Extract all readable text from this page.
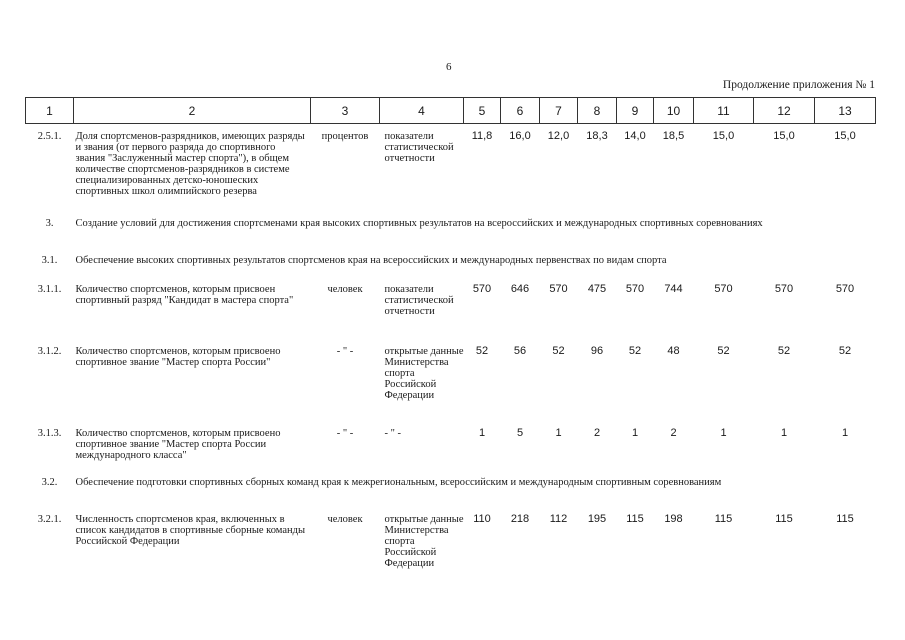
6
Продолжение приложения № 1
1	2	3	4	5	6	7	8	9	10	11	12	13
2.5.1.	Доля спортсменов-разрядников, имеющих разряды и звания (от первого разряда до спортивного звания "Заслуженный мастер спорта"), в общем количестве спортсменов-разрядников в системе специализированных детско-юношеских спортивных школ олимпийского резерва	процентов	показатели статистической отчетности	11,8	16,0	12,0	18,3	14,0	18,5	15,0	15,0	15,0
3.	Создание условий для достижения спортсменами края высоких спортивных результатов на всероссийских и международных спортивных соревнованиях											
3.1.	Обеспечение высоких спортивных результатов спортсменов края на всероссийских и международных первенствах по видам спорта											
3.1.1.	Количество спортсменов, которым присвоен спортивный разряд "Кандидат в мастера спорта"	человек	показатели статистической отчетности	570	646	570	475	570	744	570	570	570
3.1.2.	Количество спортсменов, которым присвоено спортивное звание "Мастер спорта России"	- " -	открытые данные Министерства спорта Российской Федерации	52	56	52	96	52	48	52	52	52
3.1.3.	Количество спортсменов, которым присвоено спортивное звание "Мастер спорта России международного класса"	- " -	- " -	1	5	1	2	1	2	1	1	1
3.2.	Обеспечение подготовки спортивных сборных команд края к межрегиональным, всероссийским и международным спортивным соревнованиям											
3.2.1.	Численность спортсменов края, включенных в список кандидатов в спортивные сборные команды Российской Федерации	человек	открытые данные Министерства спорта Российской Федерации	110	218	112	195	115	198	115	115	115
